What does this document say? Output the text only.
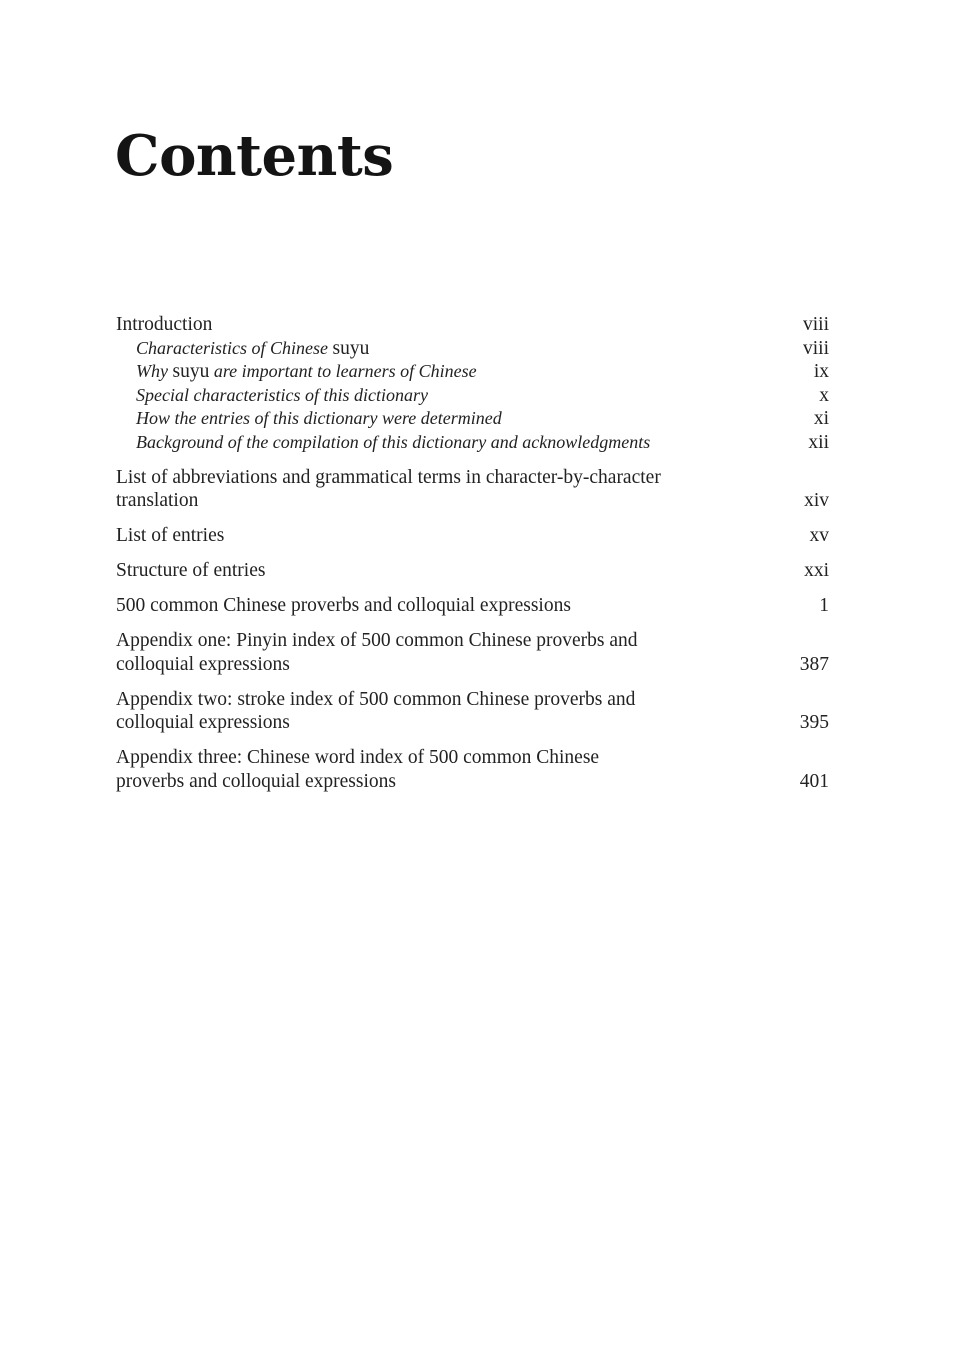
Contents
Introduction	viii
Characteristics of Chinese suyu	viii
Why suyu are important to learners of Chinese	ix
Special characteristics of this dictionary	x
How the entries of this dictionary were determined	xi
Background of the compilation of this dictionary and acknowledgments	xii
List of abbreviations and grammatical terms in character-by-character
translation	xiv
List of entries	xv
Structure of entries	xxi
500 common Chinese proverbs and colloquial expressions	1
Appendix one: Pinyin index of 500 common Chinese proverbs and
colloquial expressions	387
Appendix two: stroke index of 500 common Chinese proverbs and
colloquial expressions	395
Appendix three: Chinese word index of 500 common Chinese
proverbs and colloquial expressions	401
